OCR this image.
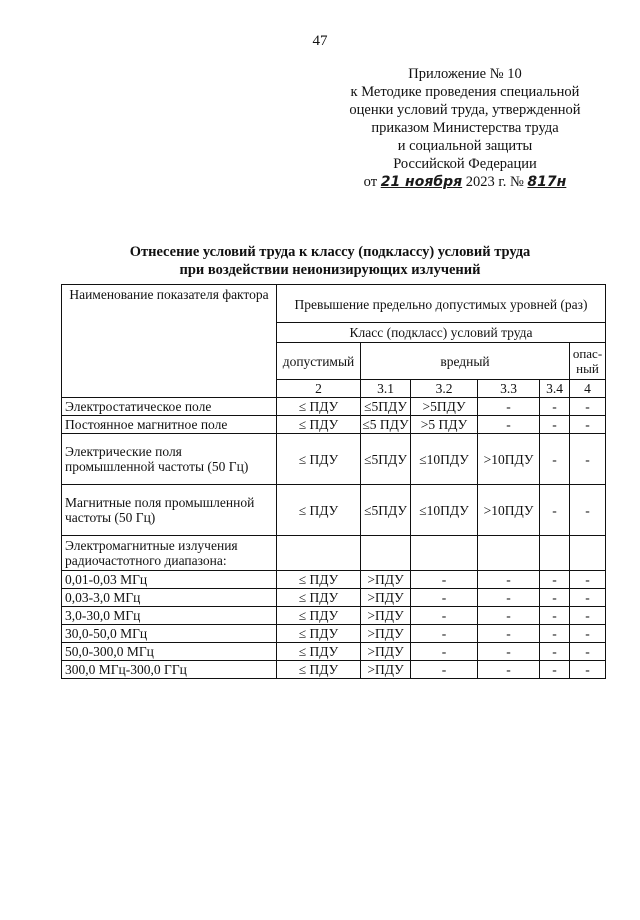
47
Приложение № 10
к Методике проведения специальной
оценки условий труда, утвержденной
приказом Министерства труда
и социальной защиты
Российской Федерации
от 21 ноября 2023 г. № 817н
Отнесение условий труда к классу (подклассу) условий труда
при воздействии неионизирующих излучений
Наименование показателя фактора	Превышение предельно допустимых уровней (раз)					
	Класс (подкласс) условий труда					
	допустимый	вредный				опас-ный
	2	3.1	3.2	3.3	3.4	4
Электростатическое поле	≤ ПДУ	≤5ПДУ	>5ПДУ	-	-	-
Постоянное магнитное поле	≤ ПДУ	≤5 ПДУ	>5 ПДУ	-	-	-
Электрические поля промышленной частоты (50 Гц)	≤ ПДУ	≤5ПДУ	≤10ПДУ	>10ПДУ	-	-
Магнитные поля промышленной частоты (50 Гц)	≤ ПДУ	≤5ПДУ	≤10ПДУ	>10ПДУ	-	-
Электромагнитные излучения радиочастотного диапазона:						
0,01-0,03 МГц	≤ ПДУ	>ПДУ	-	-	-	-
0,03-3,0 МГц	≤ ПДУ	>ПДУ	-	-	-	-
3,0-30,0 МГц	≤ ПДУ	>ПДУ	-	-	-	-
30,0-50,0 МГц	≤ ПДУ	>ПДУ	-	-	-	-
50,0-300,0 МГц	≤ ПДУ	>ПДУ	-	-	-	-
300,0 МГц-300,0 ГГц	≤ ПДУ	>ПДУ	-	-	-	-
